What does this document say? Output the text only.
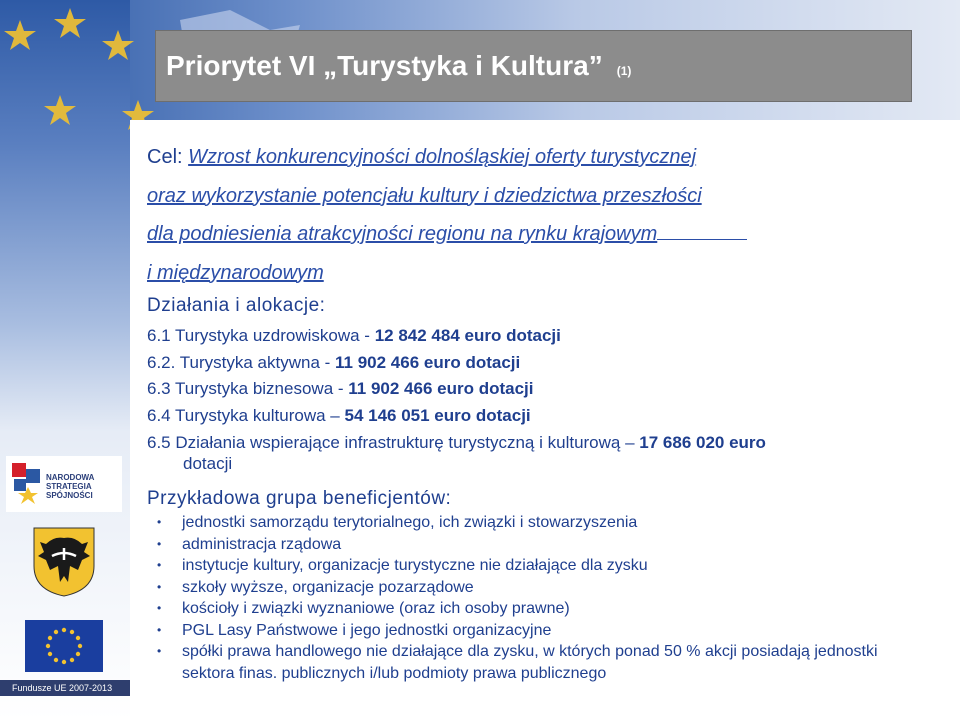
Priorytet VI „Turystyka i Kultura” (1)
Cel: Wzrost konkurencyjności dolnośląskiej oferty turystycznej
oraz wykorzystanie potencjału kultury i dziedzictwa przeszłości
dla podniesienia atrakcyjności regionu na rynku krajowym
i międzynarodowym
Działania i alokacje:
6.1 Turystyka uzdrowiskowa - 12 842 484 euro dotacji
6.2. Turystyka aktywna - 11 902 466 euro dotacji
6.3 Turystyka biznesowa - 11 902 466 euro dotacji
6.4 Turystyka kulturowa – 54 146 051 euro dotacji
6.5 Działania wspierające infrastrukturę turystyczną i kulturową – 17 686 020 euro
dotacji
Przykładowa grupa beneficjentów:
• jednostki samorządu terytorialnego, ich związki i stowarzyszenia
• administracja rządowa
• instytucje kultury, organizacje turystyczne nie działające dla zysku
• szkoły wyższe, organizacje pozarządowe
• kościoły i związki wyznaniowe (oraz ich osoby prawne)
• PGL Lasy Państwowe i jego jednostki organizacyjne
• spółki prawa handlowego nie działające dla zysku, w których ponad 50 % akcji posiadają jednostki sektora finas. publicznych i/lub podmioty prawa publicznego
NARODOWA
STRATEGIA SPÓJNOŚCI
Fundusze UE 2007-2013
